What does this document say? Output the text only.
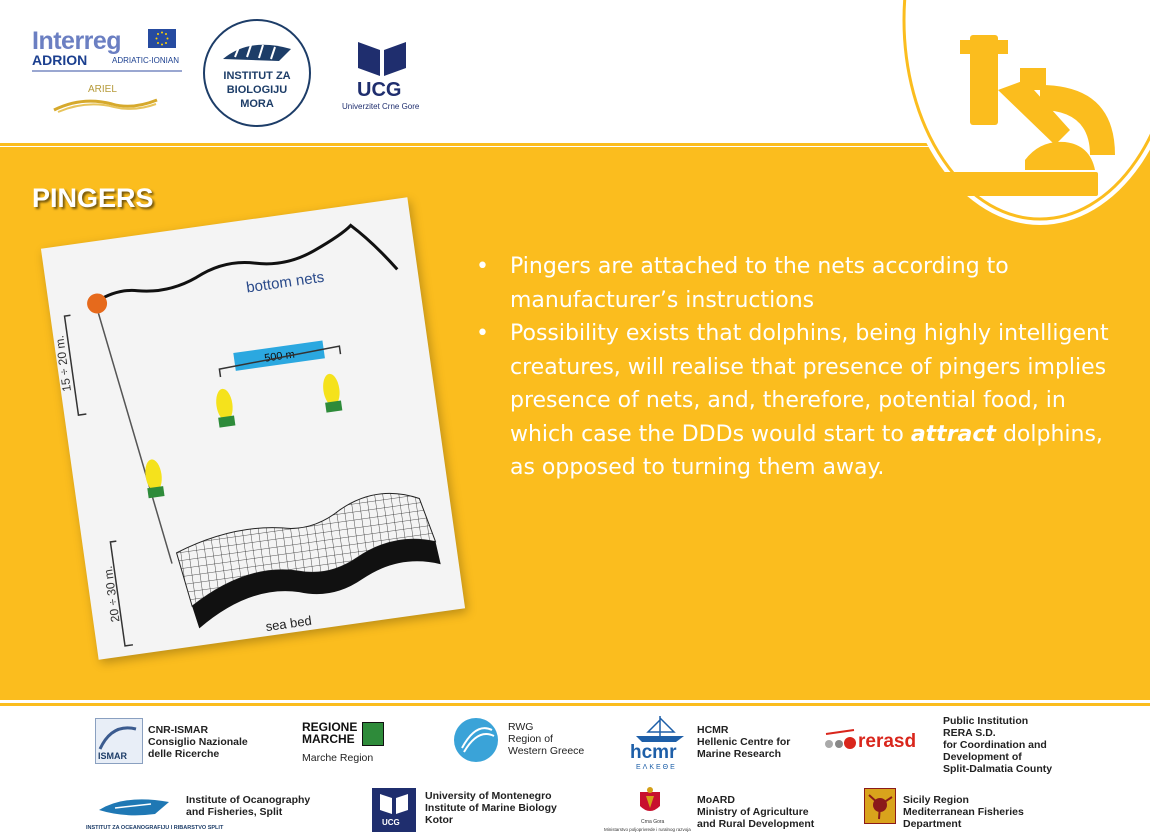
Interreg
ADRION	ADRIATIC-IONIAN
ARIEL
INSTITUT ZA
BIOLOGIJU
MORA
UCG
Univerzitet Crne Gore
PINGERS
bottom nets
15 ÷ 20 m.
20 ÷ 30 m.
500 m
sea bed
• Pingers are attached to the nets according to manufacturer’s instructions
• Possibility exists that dolphins, being highly intelligent creatures, will realise that presence of pingers implies presence of nets, and, therefore, potential food, in which case the DDDs would start to attract dolphins, as opposed to turning them away.
ISMAR
CNR-ISMAR
Consiglio Nazionale
delle Ricerche
REGIONE MARCHE
Marche Region
RWG
Region of
Western Greece hcmr
ΕΛΚΕΘΕ
HCMR
Hellenic Centre for
Marine Research
rerasd
Public Institution
RERA S.D.
for Coordination and
Development of
Split-Dalmatia County
INSTITUT ZA OCEANOGRAFIJU I RIBARSTVO SPLIT
Institute of Ocanography
and Fisheries, Split
UCG
University of Montenegro
Institute of Marine Biology
Kotor	Crna Gora
Ministarstvo poljoprivrede i ruralnog razvoja
MoARD
Ministry of Agriculture
and Rural Development
Sicily Region
Mediterranean Fisheries
Department
